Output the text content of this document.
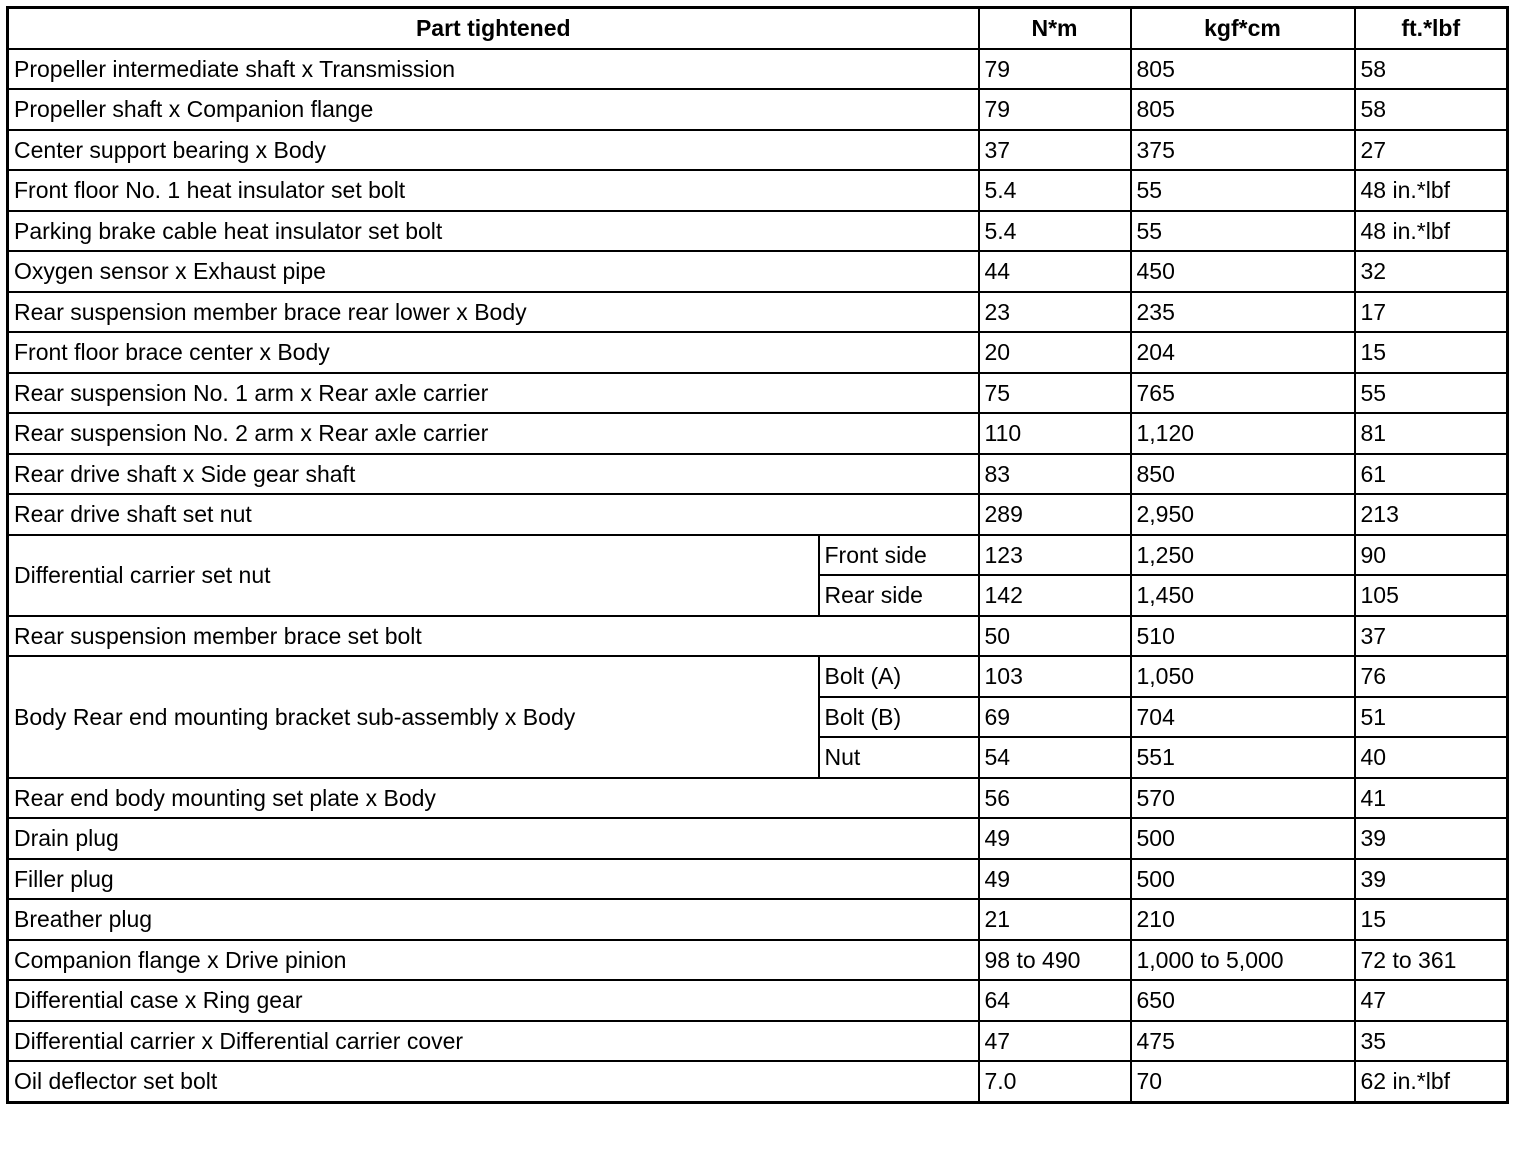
Part tightened		N*m	kgf*cm	ft.*lbf
Propeller intermediate shaft x Transmission		79	805	58
Propeller shaft x Companion flange		79	805	58
Center support bearing x Body		37	375	27
Front floor No. 1 heat insulator set bolt		5.4	55	48 in.*lbf
Parking brake cable heat insulator set bolt		5.4	55	48 in.*lbf
Oxygen sensor x Exhaust pipe		44	450	32
Rear suspension member brace rear lower x Body		23	235	17
Front floor brace center x Body		20	204	15
Rear suspension No. 1 arm x Rear axle carrier		75	765	55
Rear suspension No. 2 arm x Rear axle carrier		110	1,120	81
Rear drive shaft x Side gear shaft		83	850	61
Rear drive shaft set nut		289	2,950	213
Differential carrier set nut	Front side	123	1,250	90
	Rear side	142	1,450	105
Rear suspension member brace set bolt		50	510	37
Body Rear end mounting bracket sub-assembly x Body	Bolt (A)	103	1,050	76
	Bolt (B)	69	704	51
	Nut	54	551	40
Rear end body mounting set plate x Body		56	570	41
Drain plug		49	500	39
Filler plug		49	500	39
Breather plug		21	210	15
Companion flange x Drive pinion		98 to 490	1,000 to 5,000	72 to 361
Differential case x Ring gear		64	650	47
Differential carrier x Differential carrier cover		47	475	35
Oil deflector set bolt		7.0	70	62 in.*lbf
